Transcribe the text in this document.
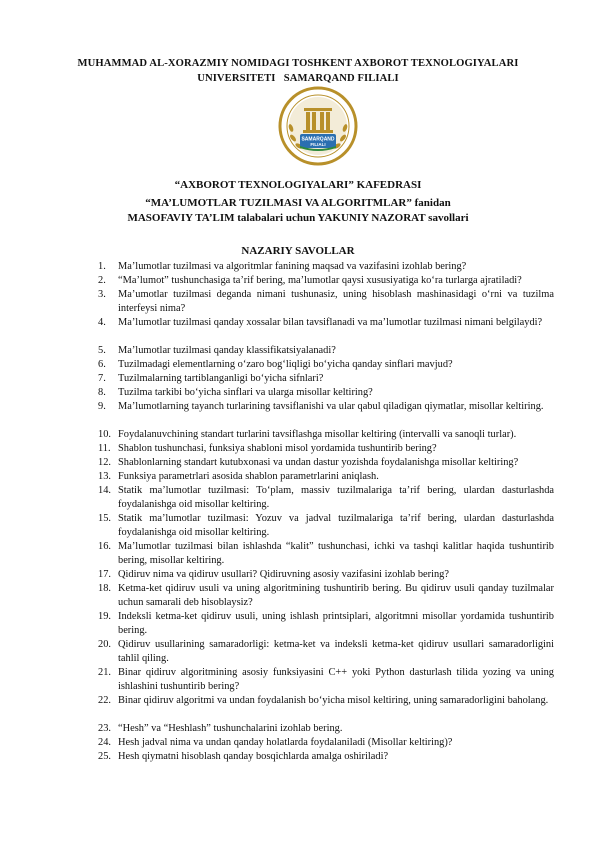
MUHAMMAD AL-XORAZMIY NOMIDAGI TOSHKENT AXBOROT TEXNOLOGIYALARI
UNIVERSITETI   SAMARQAND FILIALI
SAMARQAND
FILIALI
“AXBOROT TEXNOLOGIYALARI” KAFEDRASI
“MA’LUMOTLAR TUZILMASI VA ALGORITMLAR” fanidan
MASOFAVIY TA’LIM talabalari uchun YAKUNIY NAZORAT savollari
NAZARIY SAVOLLAR
1.	Ma’lumotlar tuzilmasi va algoritmlar fanining maqsad va vazifasini izohlab bering?
2.	“Ma’lumot” tushunchasiga ta’rif bering, ma’lumotlar qaysi xususiyatiga ko‘ra turlarga ajratiladi?
3.	Ma’umotlar tuzilmasi deganda nimani tushunasiz, uning hisoblash mashinasidagi o‘rni va tuzilma interfeysi nima?
4.	Ma’lumotlar tuzilmasi qanday xossalar bilan tavsiflanadi va ma’lumotlar tuzilmasi nimani belgilaydi?
5.	Ma’lumotlar tuzilmasi qanday klassifikatsiyalanadi?
6.	Tuzilmadagi elementlarning o‘zaro bog‘liqligi bo‘yicha qanday sinflari mavjud?
7.	Tuzilmalarning tartiblanganligi bo‘yicha sifnlari?
8.	Tuzilma tarkibi bo‘yicha sinflari va ularga misollar keltiring?
9.	Ma’lumotlarning tayanch turlarining tavsiflanishi va ular qabul qiladigan qiymatlar, misollar keltiring.
10. Foydalanuvchining standart turlarini tavsiflashga misollar keltiring (intervalli va sanoqli turlar).
11. Shablon tushunchasi, funksiya shabloni misol yordamida tushuntirib bering?
12. Shablonlarning standart kutubxonasi va undan dastur yozishda foydalanishga misollar keltiring?
13. Funksiya parametrlari asosida shablon parametrlarini aniqlash.
14. Statik ma’lumotlar tuzilmasi: To‘plam, massiv tuzilmalariga ta’rif bering, ulardan dasturlashda foydalanishga oid misollar keltiring.
15. Statik ma’lumotlar tuzilmasi: Yozuv va jadval tuzilmalariga ta’rif bering, ulardan dasturlashda foydalanishga oid misollar keltiring.
16. Ma’lumotlar tuzilmasi bilan ishlashda “kalit” tushunchasi, ichki va tashqi kalitlar haqida tushuntirib bering, misollar keltiring.
17. Qidiruv nima va qidiruv usullari? Qidiruvning asosiy vazifasini izohlab bering?
18. Ketma-ket qidiruv usuli va uning algoritmining tushuntirib bering. Bu qidiruv usuli qanday tuzilmalar uchun samarali deb hisoblaysiz?
19. Indeksli ketma-ket qidiruv usuli, uning ishlash printsiplari, algoritmni misollar yordamida tushuntirib bering.
20. Qidiruv usullarining samaradorligi: ketma-ket va indeksli ketma-ket qidiruv usullari samaradorligini tahlil qiling.
21. Binar qidiruv algoritmining asosiy funksiyasini C++ yoki Python dasturlash tilida yozing va uning ishlashini tushuntirib bering?
22. Binar qidiruv algoritmi va undan foydalanish bo‘yicha misol keltiring, uning samaradorligini baholang.
23. “Hesh” va “Heshlash” tushunchalarini izohlab bering.
24. Hesh jadval nima va undan qanday holatlarda foydalaniladi (Misollar keltiring)?
25. Hesh qiymatni hisoblash qanday bosqichlarda amalga oshiriladi?
